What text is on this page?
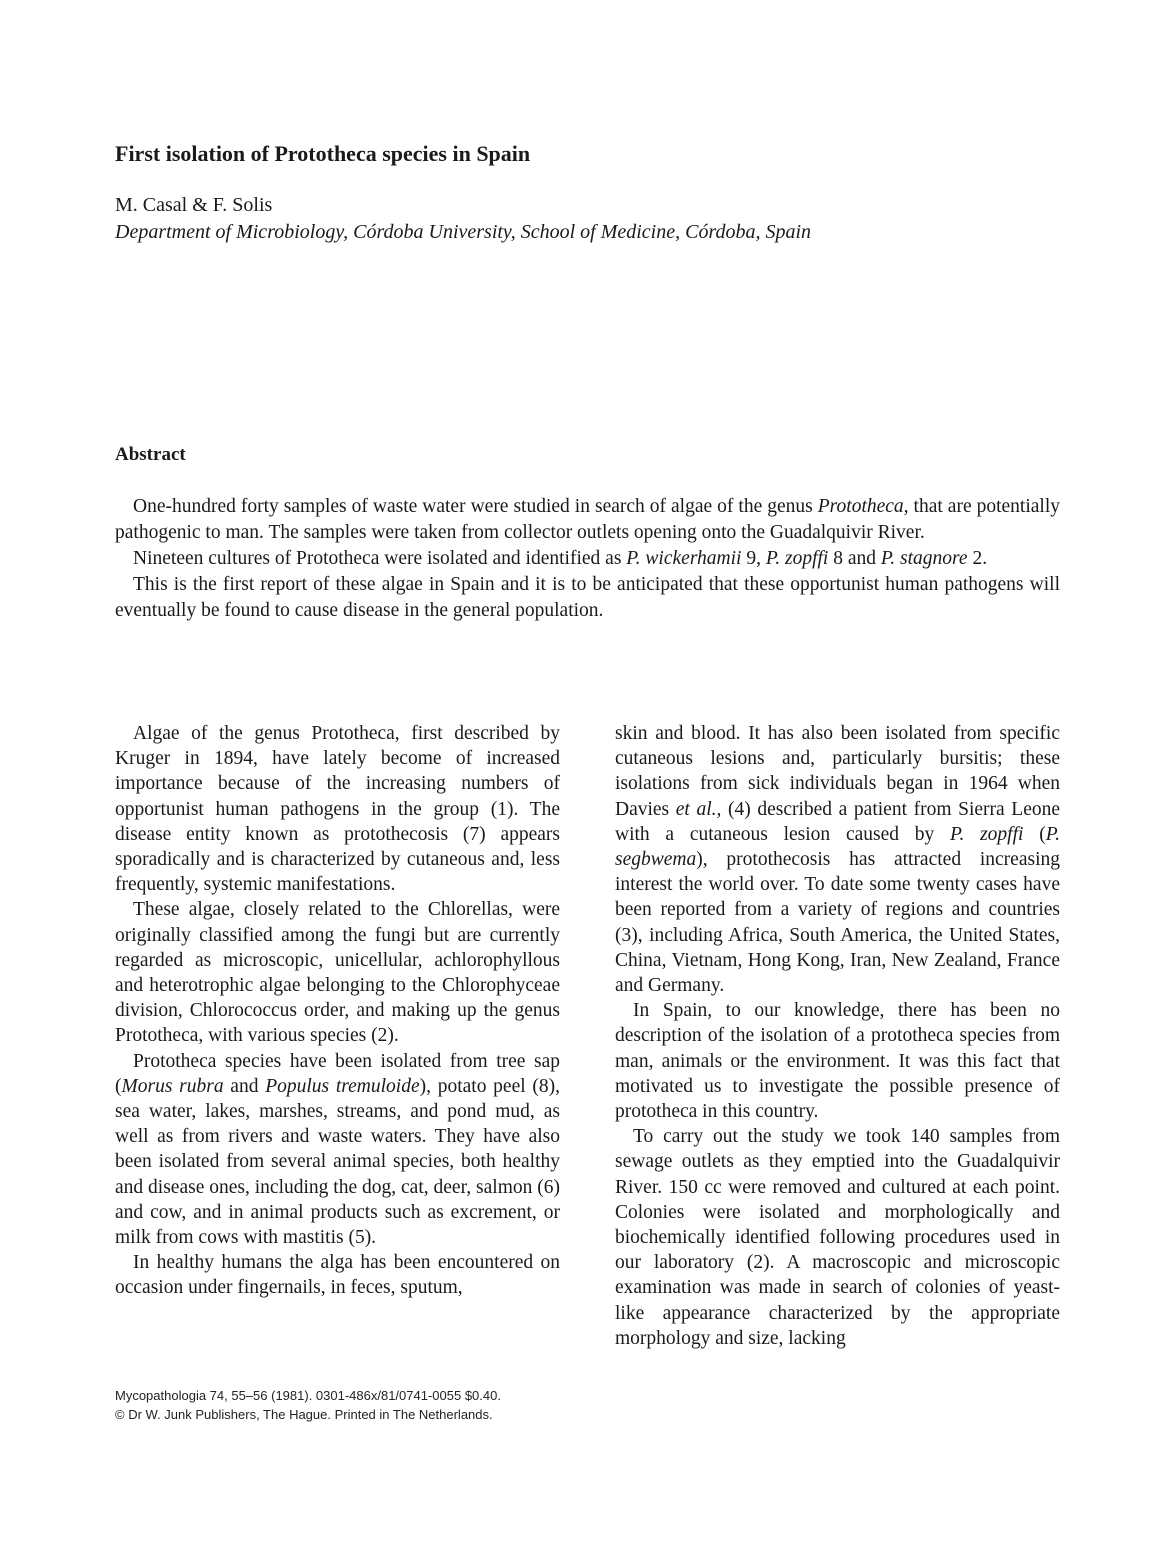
First isolation of Prototheca species in Spain
M. Casal & F. Solis
Department of Microbiology, Córdoba University, School of Medicine, Córdoba, Spain
Abstract

One-hundred forty samples of waste water were studied in search of algae of the genus Prototheca, that are potentially pathogenic to man. The samples were taken from collector outlets opening onto the Guadalquivir River.

Nineteen cultures of Prototheca were isolated and identified as P. wickerhamii 9, P. zopffi 8 and P. stagnore 2.

This is the first report of these algae in Spain and it is to be anticipated that these opportunist human pathogens will eventually be found to cause disease in the general population.

Algae of the genus Prototheca, first described by Kruger in 1894, have lately become of increased importance because of the increasing numbers of opportunist human pathogens in the group (1). The disease entity known as protothecosis (7) appears sporadically and is characterized by cutaneous and, less frequently, systemic manifestations.

These algae, closely related to the Chlorellas, were originally classified among the fungi but are currently regarded as microscopic, unicellular, achlorophyllous and heterotrophic algae belonging to the Chlorophyceae division, Chlorococcus order, and making up the genus Prototheca, with various species (2).

Prototheca species have been isolated from tree sap (Morus rubra and Populus tremuloide), potato peel (8), sea water, lakes, marshes, streams, and pond mud, as well as from rivers and waste waters. They have also been isolated from several animal species, both healthy and disease ones, including the dog, cat, deer, salmon (6) and cow, and in animal products such as excrement, or milk from cows with mastitis (5).

In healthy humans the alga has been encountered on occasion under fingernails, in feces, sputum,

skin and blood. It has also been isolated from specific cutaneous lesions and, particularly bursitis; these isolations from sick individuals began in 1964 when Davies et al., (4) described a patient from Sierra Leone with a cutaneous lesion caused by P. zopffi (P. segbwema), protothecosis has attracted increasing interest the world over. To date some twenty cases have been reported from a variety of regions and countries (3), including Africa, South America, the United States, China, Vietnam, Hong Kong, Iran, New Zealand, France and Germany.

In Spain, to our knowledge, there has been no description of the isolation of a prototheca species from man, animals or the environment. It was this fact that motivated us to investigate the possible presence of prototheca in this country.

To carry out the study we took 140 samples from sewage outlets as they emptied into the Guadalquivir River. 150 cc were removed and cultured at each point. Colonies were isolated and morphologically and biochemically identified following procedures used in our laboratory (2). A macroscopic and microscopic examination was made in search of colonies of yeast-like appearance characterized by the appropriate morphology and size, lacking

Mycopathologia 74, 55–56 (1981). 0301-486x/81/0741-0055 $0.40.
© Dr W. Junk Publishers, The Hague. Printed in The Netherlands.
